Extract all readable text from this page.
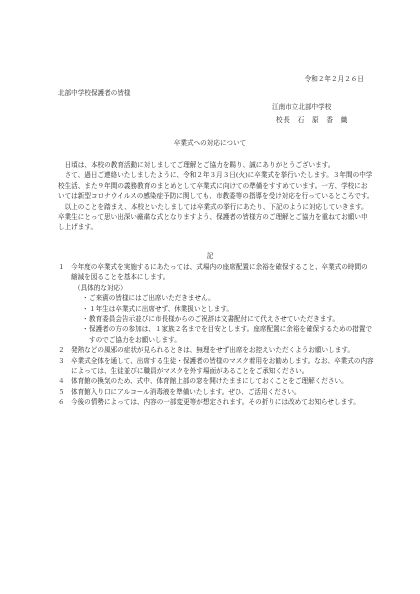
令和２年２月２６日
北部中学校保護者の皆様
江南市立北部中学校
校長　石　原　香　織
卒業式への対応について

日頃は、本校の教育活動に対しましてご理解とご協力を賜り、誠にありがとうございます。

さて、過日ご連絡いたしましたように、令和２年３月３日(火)に卒業式を挙行いたします。３年間の中学校生活、また９年間の義務教育のまとめとして卒業式に向けての準備をすすめています。一方、学校においては新型コロナウイルスの感染症予防に関しても、市教委等の指導を受け対応を行っているところです。

以上のことを踏まえ、本校といたしましては卒業式の挙行にあたり、下記のように対応していきます。卒業生にとって思い出深い厳粛な式となりますよう、保護者の皆様方のご理解とご協力を重ねてお願い申し上げます。

記
１ 今年度の卒業式を実施するにあたっては、式場内の座席配置に余裕を確保すること、卒業式の時間の縮減を図ることを基本にします。
（具体的な対応）
・ ご来賓の皆様にはご出席いただきません。
・ １年生は卒業式に出席せず、休業扱いとします。
・ 教育委員会告示並びに市長様からのご祝辞は文書配付にて代えさせていただきます。
・ 保護者の方の参加は、１家族２名までを目安とします。座席配置に余裕を確保するための措置ですのでご協力をお願いします。
２ 発熱などの風邪の症状が見られるときは、無理をせず出席をお控えいただくようお願いします。
３ 卒業式全体を通して、出席する生徒・保護者の皆様のマスク着用をお勧めします。なお、卒業式の内容によっては、生徒並びに職員がマスクを外す場面があることをご承知ください。
４ 体育館の換気のため、式中、体育館上部の窓を開けたままにしておくことをご理解ください。
５ 体育館入り口にアルコール消毒液を準備いたします。ぜひ、ご活用ください。
６ 今後の情勢によっては、内容の一部変更等が想定されます。その折りには改めてお知らせします。
